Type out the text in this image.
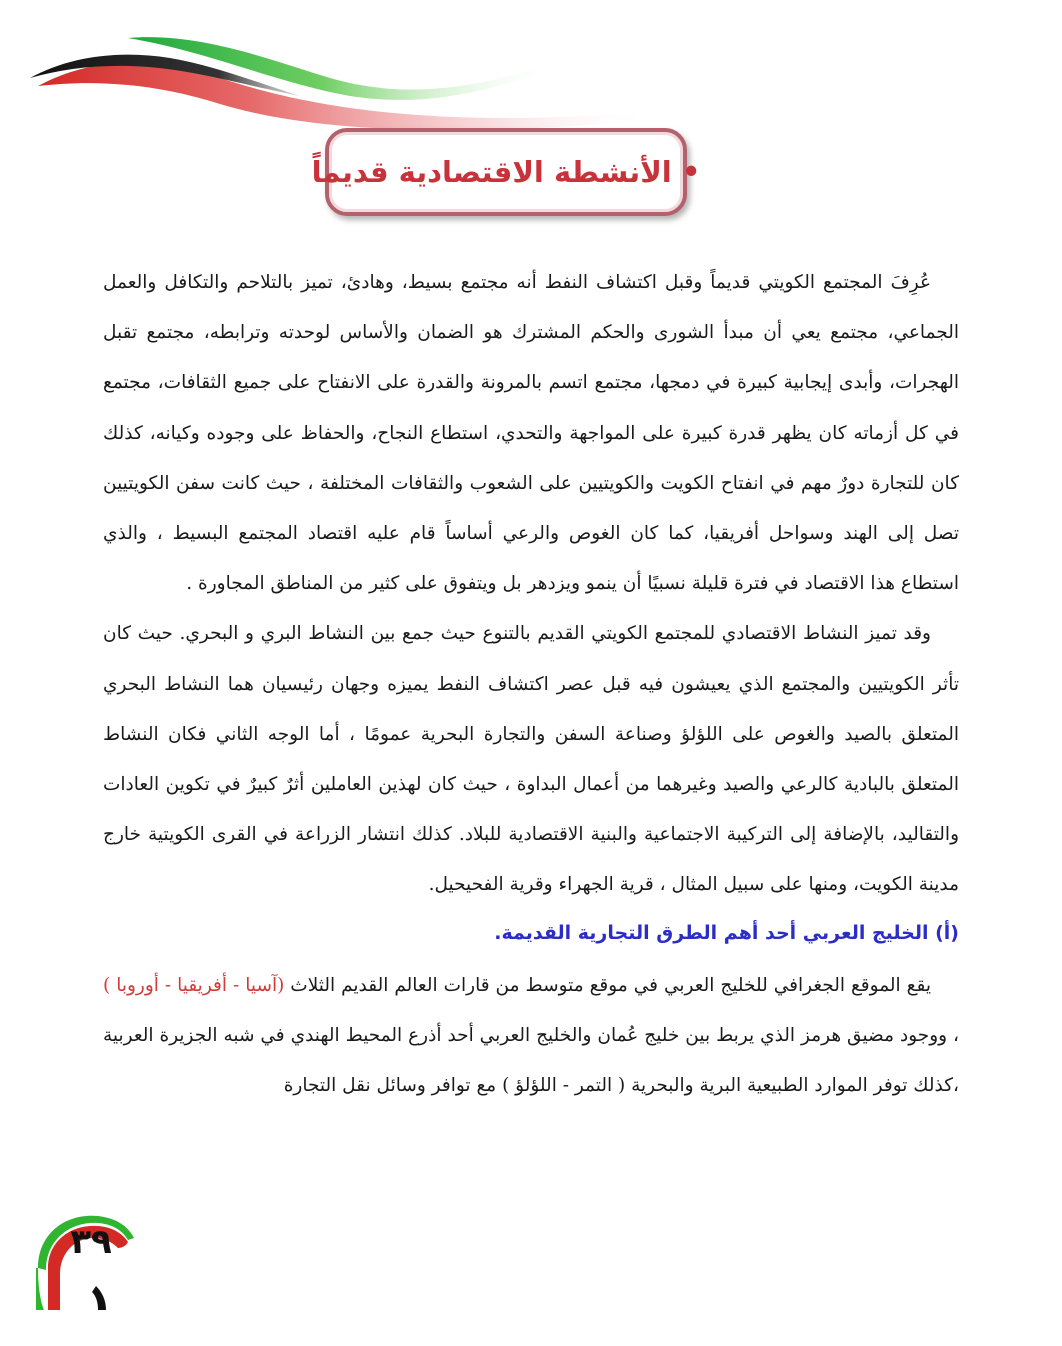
• الأنشطة الاقتصادية قديماً

عُرِفَ المجتمع الكويتي قديماً وقبل اكتشاف النفط أنه مجتمع بسيط، وهادئ، تميز بالتلاحم والتكافل والعمل الجماعي، مجتمع يعي أن مبدأ الشورى والحكم المشترك هو الضمان والأساس لوحدته وترابطه، مجتمع تقبل الهجرات، وأبدى إيجابية كبيرة في دمجها، مجتمع اتسم بالمرونة والقدرة على الانفتاح على جميع الثقافات، مجتمع في كل أزماته كان يظهر قدرة كبيرة على المواجهة والتحدي، استطاع النجاح، والحفاظ على وجوده وكيانه، كذلك كان للتجارة دورٌ مهم في انفتاح الكويت والكويتيين على الشعوب والثقافات المختلفة ، حيث كانت سفن الكويتيين تصل إلى الهند وسواحل أفريقيا، كما كان الغوص والرعي أساساً قام عليه اقتصاد المجتمع البسيط ، والذي استطاع هذا الاقتصاد في فترة قليلة نسبيًا أن ينمو ويزدهر بل ويتفوق على كثير من المناطق المجاورة .

وقد تميز النشاط الاقتصادي للمجتمع الكويتي القديم بالتنوع حيث جمع بين النشاط البري و البحري. حيث كان تأثر الكويتيين والمجتمع الذي يعيشون فيه قبل عصر اكتشاف النفط يميزه وجهان رئيسيان هما النشاط البحري المتعلق بالصيد والغوص على اللؤلؤ وصناعة السفن والتجارة البحرية عمومًا ، أما الوجه الثاني فكان النشاط المتعلق بالبادية كالرعي والصيد وغيرهما من أعمال البداوة ، حيث كان لهذين العاملين أثرٌ كبيرٌ في تكوين العادات والتقاليد، بالإضافة إلى التركيبة الاجتماعية والبنية الاقتصادية للبلاد. كذلك انتشار الزراعة في القرى الكويتية خارج مدينة الكويت، ومنها على سبيل المثال ، قرية الجهراء وقرية الفحيحيل.

(أ) الخليج العربي أحد أهم الطرق التجارية القديمة.

يقع الموقع الجغرافي للخليج العربي في موقع متوسط من قارات العالم القديم الثلاث (آسيا - أفريقيا - أوروبا ) ، ووجود مضيق هرمز الذي يربط بين خليج عُمان والخليج العربي أحد أذرع المحيط الهندي في شبه الجزيرة العربية ،كذلك توفر الموارد الطبيعية البرية والبحرية ( التمر - اللؤلؤ ) مع توافر وسائل نقل التجارة

٣٩
